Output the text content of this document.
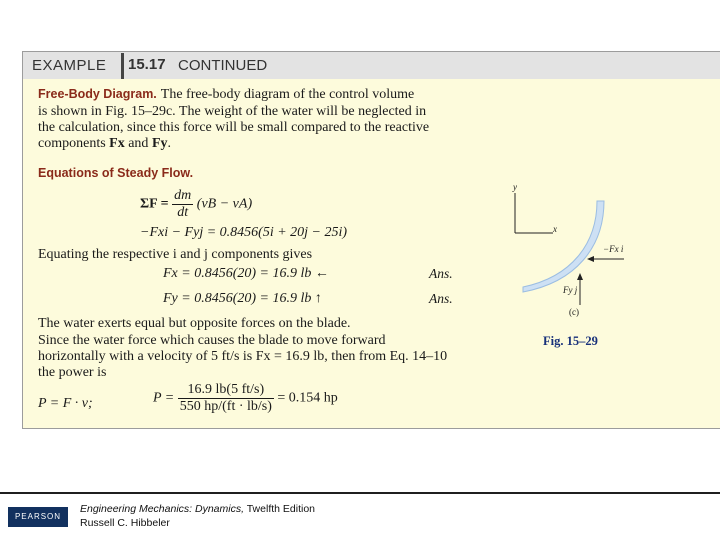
EXAMPLE 15.17 CONTINUED
Free-Body Diagram. The free-body diagram of the control volume
is shown in Fig. 15–29c. The weight of the water will be neglected in
the calculation, since this force will be small compared to the reactive
components Fx and Fy.
Equations of Steady Flow.
$\Sigma F = \frac{dm}{dt} (vB - vA)$
−Fxi − Fyj = 0.8456(5i + 20j − 25i)
Equating the respective i and j components gives
Fx = 0.8456(20) = 16.9 lb ←	Ans.
Fy = 0.8456(20) = 16.9 lb ↑	Ans.
The water exerts equal but opposite forces on the blade.
Since the water force which causes the blade to move forward
horizontally with a velocity of 5 ft/s is Fx = 16.9 lb, then from Eq. 14–10
the power is
P = F · v;	$P = \frac{16.9 lb(5 ft/s)}{550 hp/(ft \cdot lb/s)} = 0.154$ hp
y
x
−Fx i
Fy j
(c)
Fig. 15–29
PEARSON
Engineering Mechanics: Dynamics, Twelfth Edition
Russell C. Hibbeler
